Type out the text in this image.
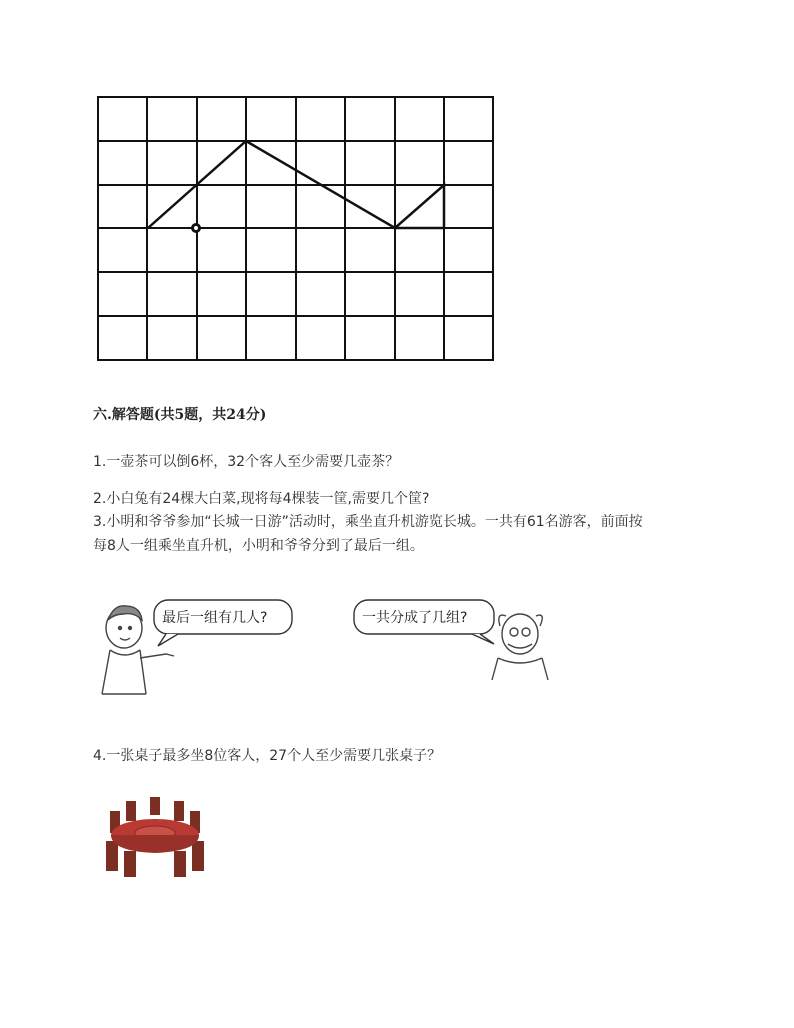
六.解答题(共5题，共24分)
1.一壶茶可以倒6杯，32个客人至少需要几壶茶？
2.小白兔有24棵大白菜,现将每4棵装一筐,需要几个筐?
3.小明和爷爷参加“长城一日游”活动时，乘坐直升机游览长城。一共有61名游客，前面按
每8人一组乘坐直升机，小明和爷爷分到了最后一组。
最后一组有几人?	一共分成了几组?
4.一张桌子最多坐8位客人，27个人至少需要几张桌子？
